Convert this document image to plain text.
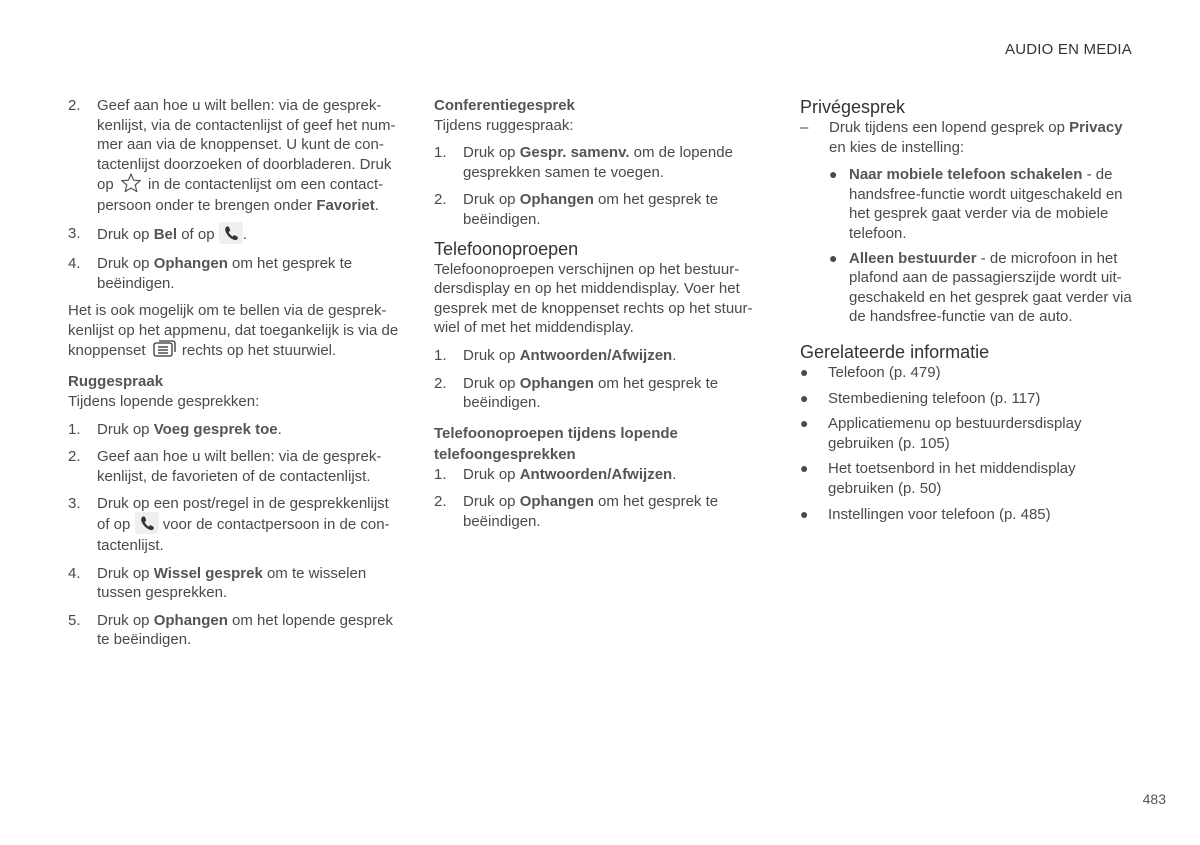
AUDIO EN MEDIA
2.	Geef aan hoe u wilt bellen: via de gesprekkenlijst, via de contactenlijst of geef het nummer aan via de knoppenset. U kunt de contactenlijst doorzoeken of doorbladeren. Druk op in de contactenlijst om een contactpersoon onder te brengen onder Favoriet.
3.	Druk op Bel of op .
4.	Druk op Ophangen om het gesprek te beëindigen.

Het is ook mogelijk om te bellen via de gesprekkenlijst op het appmenu, dat toegankelijk is via de knoppenset rechts op het stuurwiel.

Ruggespraak

Tijdens lopende gesprekken:

1.	Druk op Voeg gesprek toe.
2.	Geef aan hoe u wilt bellen: via de gesprekkenlijst, de favorieten of de contactenlijst.
3.	Druk op een post/regel in de gesprekkenlijst of op voor de contactpersoon in de contactenlijst.
4.	Druk op Wissel gesprek om te wisselen tussen gesprekken.
5.	Druk op Ophangen om het lopende gesprek te beëindigen.
Conferentiegesprek

Tijdens ruggespraak:

1.	Druk op Gespr. samenv. om de lopende gesprekken samen te voegen.
2.	Druk op Ophangen om het gesprek te beëindigen.
Telefoonoproepen

Telefoonoproepen verschijnen op het bestuurdersdisplay en op het middendisplay. Voer het gesprek met de knoppenset rechts op het stuurwiel of met het middendisplay.

1.	Druk op Antwoorden/Afwijzen.
2.	Druk op Ophangen om het gesprek te beëindigen.
Telefoonoproepen tijdens lopende telefoongesprekken
1.	Druk op Antwoorden/Afwijzen.
2.	Druk op Ophangen om het gesprek te beëindigen.
Privégesprek
–	Druk tijdens een lopend gesprek op Privacy en kies de instelling:
● Naar mobiele telefoon schakelen - de handsfree-functie wordt uitgeschakeld en het gesprek gaat verder via de mobiele telefoon.
● Alleen bestuurder - de microfoon in het plafond aan de passagierszijde wordt uitgeschakeld en het gesprek gaat verder via de handsfree-functie van de auto.
Gerelateerde informatie
●	Telefoon (p. 479)
●	Stembediening telefoon (p. 117)
●	Applicatiemenu op bestuurdersdisplay gebruiken (p. 105)
●	Het toetsenbord in het middendisplay gebruiken (p. 50)
●	Instellingen voor telefoon (p. 485)
483
